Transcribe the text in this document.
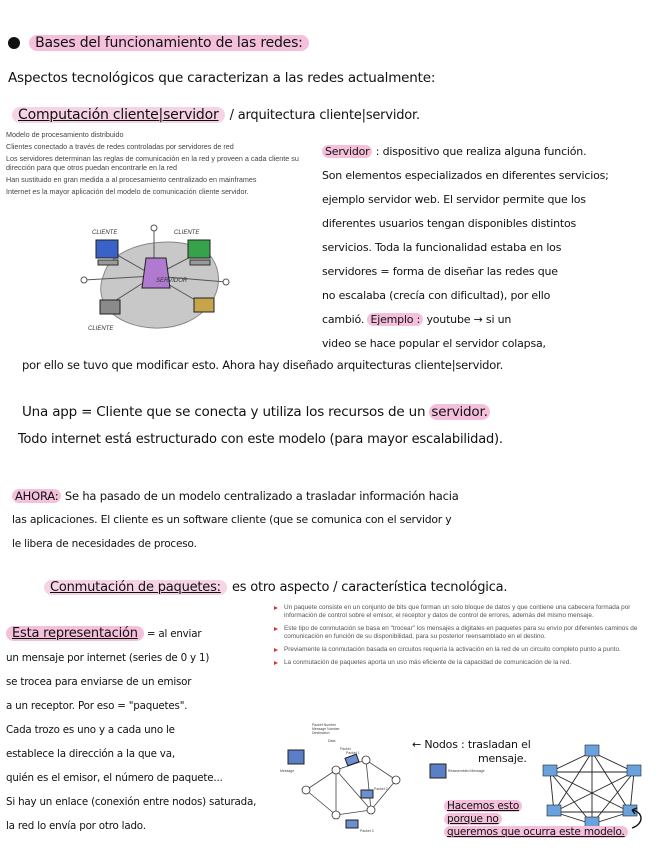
Bases del funcionamiento de las redes:
Aspectos tecnológicos que caracterizan a las redes actualmente:
Computación cliente|servidor / arquitectura cliente|servidor.
Modelo de procesamiento distribuido
Clientes conectado a través de redes controladas por servidores de red
Los servidores determinan las reglas de comunicación en la red y proveen a cada cliente su dirección para que otros puedan encontrarle en la red
Han sustituido en gran medida a al procesamiento centralizado en mainframes
Internet es la mayor aplicación del modelo de comunicación cliente servidor.
CLIENTE	CLIENTE
CLIENTE
SERVIDOR
Servidor : dispositivo que realiza alguna función.
Son elementos especializados en diferentes servicios;
ejemplo servidor web. El servidor permite que los
diferentes usuarios tengan disponibles distintos
servicios. Toda la funcionalidad estaba en los
servidores = forma de diseñar las redes que
no escalaba (crecía con dificultad), por ello
cambió. Ejemplo : youtube → si un
video se hace popular el servidor colapsa,
por ello se tuvo que modificar esto. Ahora hay diseñado arquitecturas cliente|servidor.
Una app = Cliente que se conecta y utiliza los recursos de un servidor.
Todo internet está estructurado con este modelo (para mayor escalabilidad).
AHORA: Se ha pasado de un modelo centralizado a trasladar información hacia
las aplicaciones. El cliente es un software cliente (que se comunica con el servidor y
le libera de necesidades de proceso.
Conmutación de paquetes: es otro aspecto / característica tecnológica.
Esta representación = al enviar
un mensaje por internet (series de 0 y 1)
se trocea para enviarse de un emisor
a un receptor. Por eso = "paquetes".
Cada trozo es uno y a cada uno le
establece la dirección a la que va,
quién es el emisor, el número de paquete...
Si hay un enlace (conexión entre nodos) saturada,
la red lo envía por otro lado.
Un paquete consiste en un conjunto de bits que forman un solo bloque de datos y que contiene una cabecera formada por información de control sobre el emisor, el receptor y datos de control de errores, además del mismo mensaje.
Este tipo de conmutación se basa en "trocear" los mensajes a digitales en paquetes para su envío por diferentes caminos de comunicación en función de su disponibilidad, para su posterior reensamblado en el destino.
Previamente la conmutación basada en circuitos requería la activación en la red de un circuito completo punto a punto.
La conmutación de paquetes aporta un uso más eficiente de la capacidad de comunicación de la red.
Packet Number
Message Number
Destination
Data
Message
Packet
Packet 1
Packet 2
Packet 3
Reassembled Message
← Nodos : trasladan el
mensaje.
Hacemos esto
porque no
queremos que ocurra este modelo.
